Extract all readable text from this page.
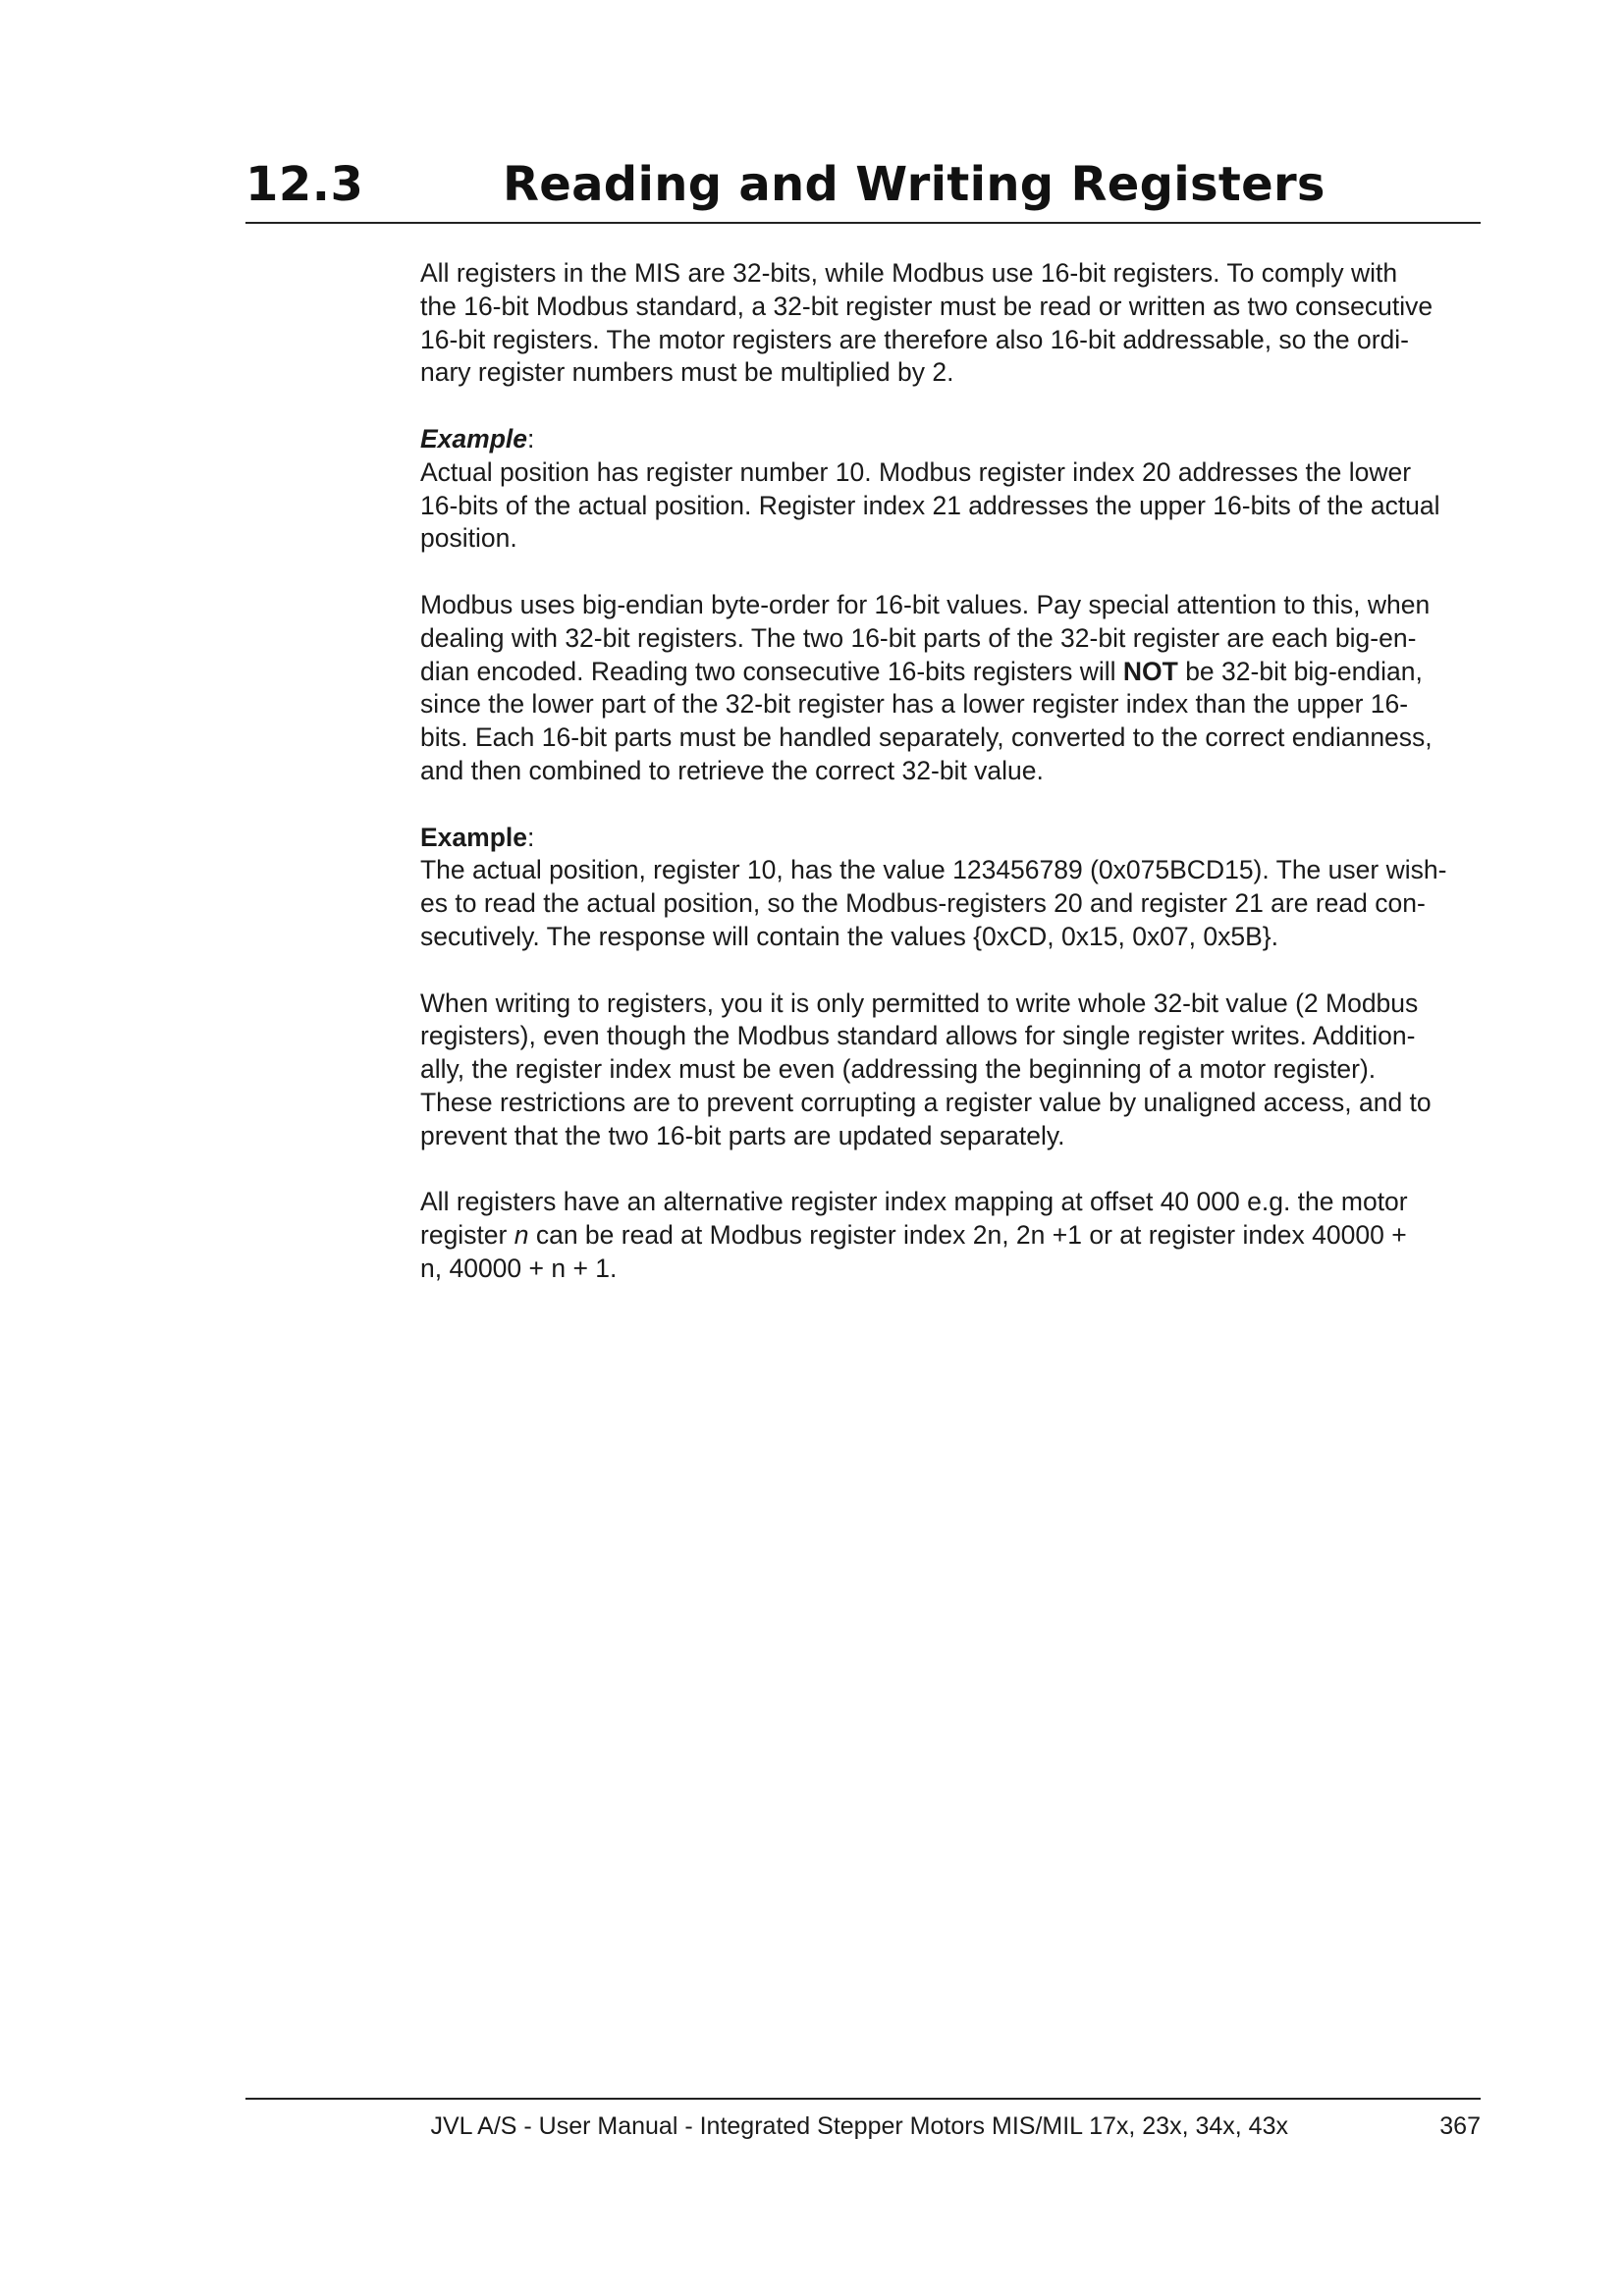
12.3	Reading and Writing Registers

All registers in the MIS are 32-bits, while Modbus use 16-bit registers. To comply with
the 16-bit Modbus standard, a 32-bit register must be read or written as two consecutive
16-bit registers. The motor registers are therefore also 16-bit addressable, so the ordi-
nary register numbers must be multiplied by 2.

Example:
Actual position has register number 10. Modbus register index 20 addresses the lower
16-bits of the actual position. Register index 21 addresses the upper 16-bits of the actual
position.

Modbus uses big-endian byte-order for 16-bit values. Pay special attention to this, when
dealing with 32-bit registers. The two 16-bit parts of the 32-bit register are each big-en-
dian encoded. Reading two consecutive 16-bits registers will NOT be 32-bit big-endian,
since the lower part of the 32-bit register has a lower register index than the upper 16-
bits. Each 16-bit parts must be handled separately, converted to the correct endianness,
and then combined to retrieve the correct 32-bit value.

Example:
The actual position, register 10, has the value 123456789 (0x075BCD15). The user wish-
es to read the actual position, so the Modbus-registers 20 and register 21 are read con-
secutively. The response will contain the values {0xCD, 0x15, 0x07, 0x5B}.

When writing to registers, you it is only permitted to write whole 32-bit value (2 Modbus
registers), even though the Modbus standard allows for single register writes. Addition-
ally, the register index must be even (addressing the beginning of a motor register).
These restrictions are to prevent corrupting a register value by unaligned access, and to
prevent that the two 16-bit parts are updated separately.

All registers have an alternative register index mapping at offset 40 000 e.g. the motor
register n can be read at Modbus register index 2n, 2n +1 or at register index 40000 +
n, 40000 + n + 1.

JVL A/S - User Manual - Integrated Stepper Motors MIS/MIL 17x, 23x, 34x, 43x	367
